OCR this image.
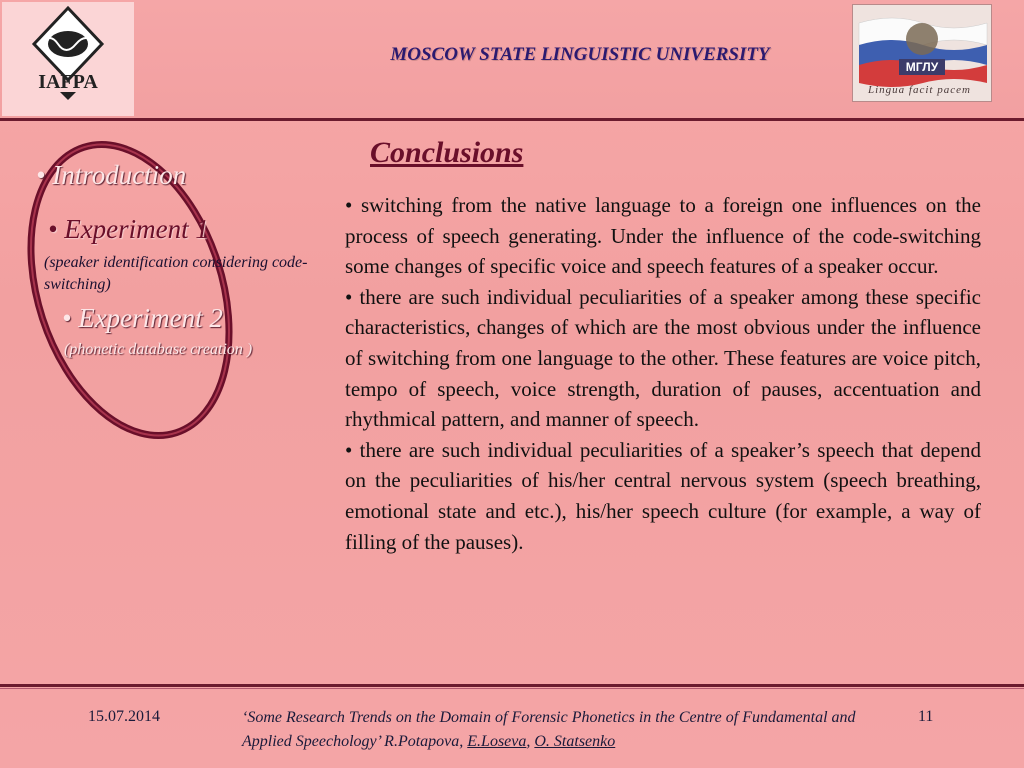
IAFPA
МГЛУ
Lingua facit pacem
MOSCOW STATE LINGUISTIC UNIVERSITY
• Introduction
• Experiment 1
(speaker identification considering code-switching)
• Experiment 2
(phonetic database creation )
Conclusions

• switching from the native language to a foreign one influences on the process of speech generating. Under the influence of the code-switching some changes of specific voice and speech features of a speaker occur.

• there are such individual peculiarities of a speaker among these specific characteristics, changes of which are the most obvious under the influence of switching from one language to the other. These features are voice pitch, tempo of speech, voice strength, duration of pauses, accentuation and rhythmical pattern, and manner of speech.

• there are such individual peculiarities of a speaker’s speech that depend on the peculiarities of his/her central nervous system (speech breathing, emotional state and etc.), his/her speech culture (for example, a way of filling of the pauses).

15.07.2014	‘Some Research Trends on the Domain of Forensic Phonetics in the Centre of Fundamental and Applied Speechology’ R.Potapova, E.Loseva, O. Statsenko
11
